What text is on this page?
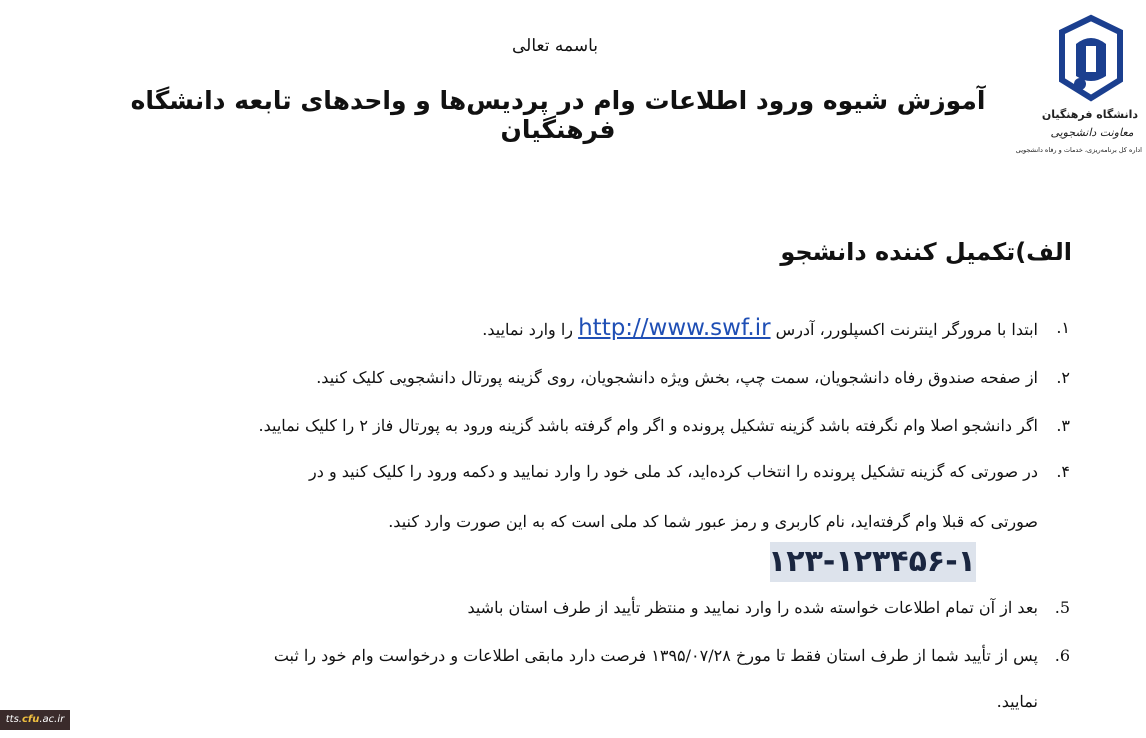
دانشگاه فرهنگیان
معاونت دانشجویی
اداره کل برنامه‌ریزی، خدمات و رفاه دانشجویی
باسمه تعالی
آموزش شیوه ورود اطلاعات وام در پردیس‌ها و واحدهای تابعه دانشگاه فرهنگیان
الف)تکمیل کننده دانشجو
۱.
ابتدا با مرورگر اینترنت اکسپلورر، آدرس http://www.swf.ir را وارد نمایید.
۲.
از صفحه صندوق رفاه دانشجویان، سمت چپ، بخش ویژه دانشجویان، روی گزینه پورتال دانشجویی کلیک کنید.
۳.
اگر دانشجو اصلا وام نگرفته باشد گزینه تشکیل پرونده و اگر وام گرفته باشد گزینه ورود به پورتال فاز ۲ را کلیک نمایید.
۴.
در صورتی که گزینه تشکیل پرونده را انتخاب کرده‌اید، کد ملی خود را وارد نمایید و دکمه ورود را کلیک کنید و در
صورتی که قبلا وام گرفته‌اید، نام کاربری و رمز عبور شما کد ملی است که به این صورت وارد کنید.
۱۲۳-۱۲۳۴۵۶-۱
5.
بعد از آن تمام اطلاعات خواسته شده را وارد نمایید و منتظر تأیید از طرف استان باشید
6.
پس از تأیید شما از طرف استان فقط تا مورخ ۱۳۹۵/۰۷/۲۸ فرصت دارد مابقی اطلاعات و درخواست وام خود را ثبت
نمایید.
tts.cfu.ac.ir
